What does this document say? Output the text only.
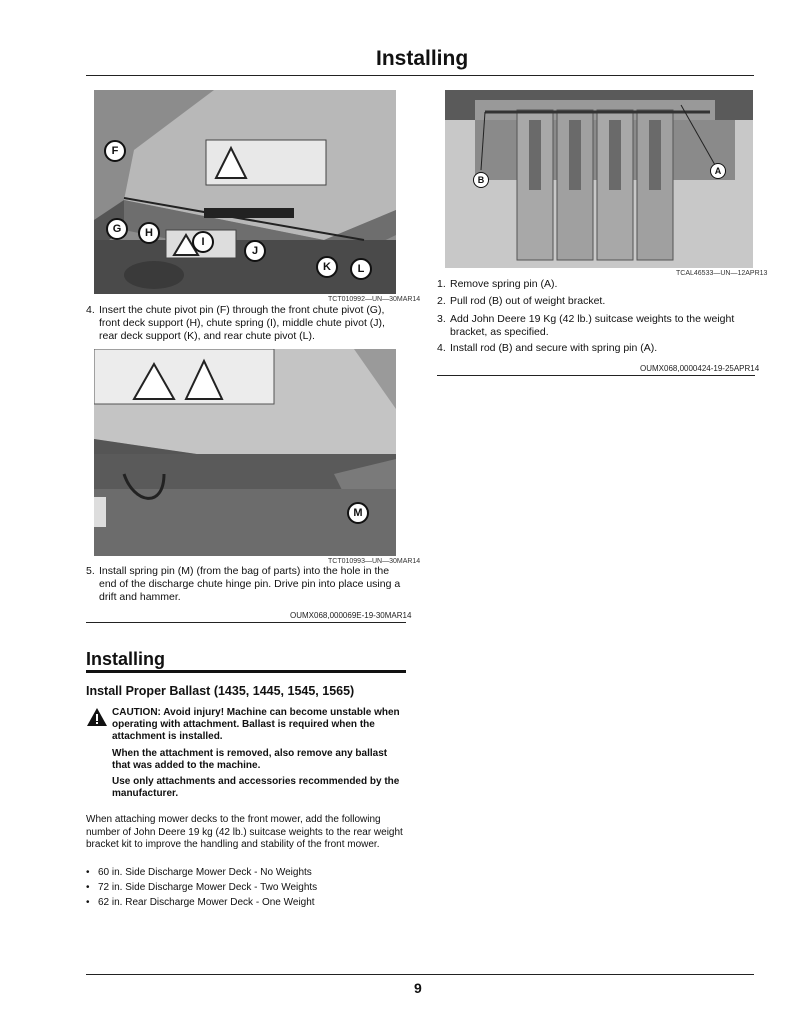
Installing
F
G	H
I
J
K	L
TCT010992—UN—30MAR14
4. Insert the chute pivot pin (F) through the front chute pivot (G), front deck support (H), chute spring (I), middle chute pivot (J), rear deck support (K), and rear chute pivot (L).
M
TCT010993—UN—30MAR14
5. Install spring pin (M) (from the bag of parts) into the hole in the end of the discharge chute hinge pin. Drive pin into place using a drift and hammer.
OUMX068,000069E-19-30MAR14
Installing
Install Proper Ballast (1435, 1445, 1545, 1565)
CAUTION: Avoid injury! Machine can become unstable when operating with attachment. Ballast is required when the attachment is installed.
When the attachment is removed, also remove any ballast that was added to the machine.
Use only attachments and accessories recommended by the manufacturer.
When attaching mower decks to the front mower, add the following number of John Deere 19 kg (42 lb.) suitcase weights to the rear weight bracket kit to improve the handling and stability of the front mower.
• 60 in. Side Discharge Mower Deck - No Weights
• 72 in. Side Discharge Mower Deck - Two Weights
• 62 in. Rear Discharge Mower Deck - One Weight
B
A
TCAL46533—UN—12APR13
1. Remove spring pin (A).
2. Pull rod (B) out of weight bracket.
3. Add John Deere 19 Kg (42 lb.) suitcase weights to the weight bracket, as specified.
4. Install rod (B) and secure with spring pin (A).
OUMX068,0000424-19-25APR14
9
